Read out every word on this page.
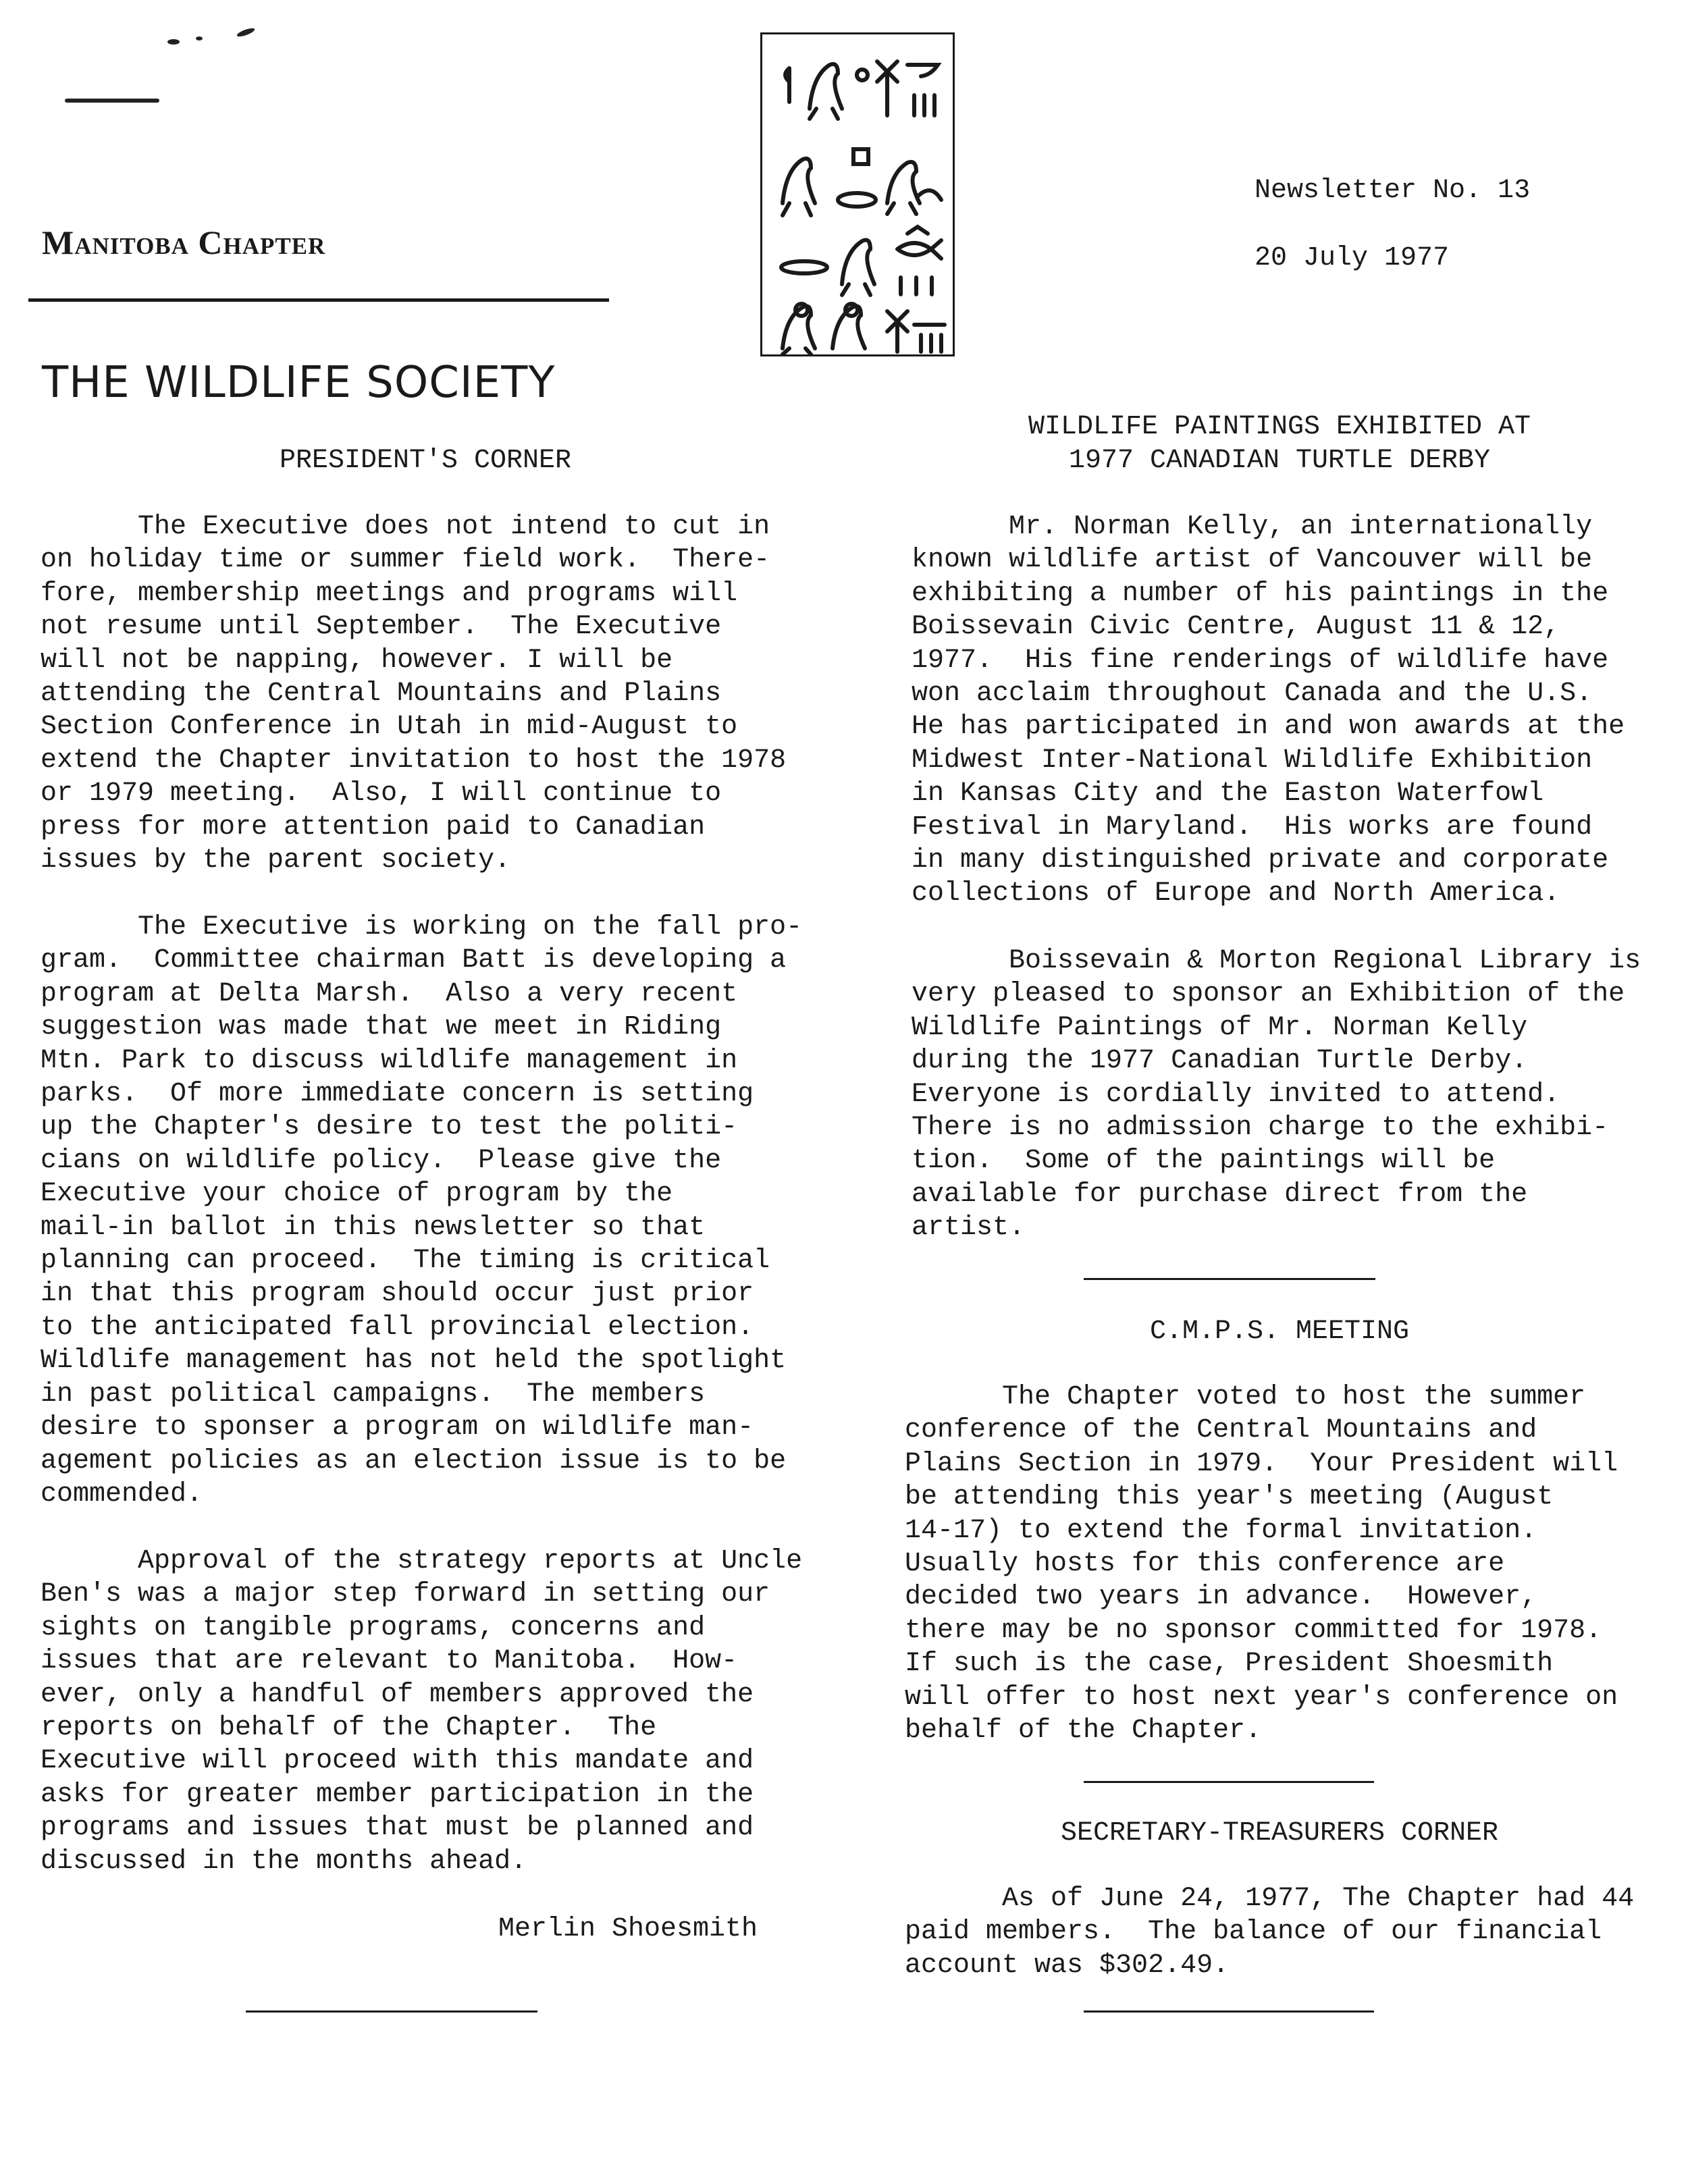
Manitoba Chapter
THE WILDLIFE SOCIETY
Newsletter No. 13
20 July 1977
PRESIDENT'S CORNER
The Executive does not intend to cut in
on holiday time or summer field work.  There-
fore, membership meetings and programs will
not resume until September.  The Executive
will not be napping, however. I will be
attending the Central Mountains and Plains
Section Conference in Utah in mid-August to
extend the Chapter invitation to host the 1978
or 1979 meeting.  Also, I will continue to
press for more attention paid to Canadian
issues by the parent society.
The Executive is working on the fall pro-
gram.  Committee chairman Batt is developing a
program at Delta Marsh.  Also a very recent
suggestion was made that we meet in Riding
Mtn. Park to discuss wildlife management in
parks.  Of more immediate concern is setting
up the Chapter's desire to test the politi-
cians on wildlife policy.  Please give the
Executive your choice of program by the
mail-in ballot in this newsletter so that
planning can proceed.  The timing is critical
in that this program should occur just prior
to the anticipated fall provincial election.
Wildlife management has not held the spotlight
in past political campaigns.  The members
desire to sponser a program on wildlife man-
agement policies as an election issue is to be
commended.
Approval of the strategy reports at Uncle
Ben's was a major step forward in setting our
sights on tangible programs, concerns and
issues that are relevant to Manitoba.  How-
ever, only a handful of members approved the
reports on behalf of the Chapter.  The
Executive will proceed with this mandate and
asks for greater member participation in the
programs and issues that must be planned and
discussed in the months ahead.
Merlin Shoesmith
WILDLIFE PAINTINGS EXHIBITED AT
1977 CANADIAN TURTLE DERBY
Mr. Norman Kelly, an internationally
known wildlife artist of Vancouver will be
exhibiting a number of his paintings in the
Boissevain Civic Centre, August 11 & 12,
1977.  His fine renderings of wildlife have
won acclaim throughout Canada and the U.S.
He has participated in and won awards at the
Midwest Inter-National Wildlife Exhibition
in Kansas City and the Easton Waterfowl
Festival in Maryland.  His works are found
in many distinguished private and corporate
collections of Europe and North America.
Boissevain & Morton Regional Library is
very pleased to sponsor an Exhibition of the
Wildlife Paintings of Mr. Norman Kelly
during the 1977 Canadian Turtle Derby.
Everyone is cordially invited to attend.
There is no admission charge to the exhibi-
tion.  Some of the paintings will be
available for purchase direct from the
artist.
C.M.P.S. MEETING
The Chapter voted to host the summer
conference of the Central Mountains and
Plains Section in 1979.  Your President will
be attending this year's meeting (August
14-17) to extend the formal invitation.
Usually hosts for this conference are
decided two years in advance.  However,
there may be no sponsor committed for 1978.
If such is the case, President Shoesmith
will offer to host next year's conference on
behalf of the Chapter.
SECRETARY-TREASURERS CORNER
As of June 24, 1977, The Chapter had 44
paid members.  The balance of our financial
account was $302.49.
